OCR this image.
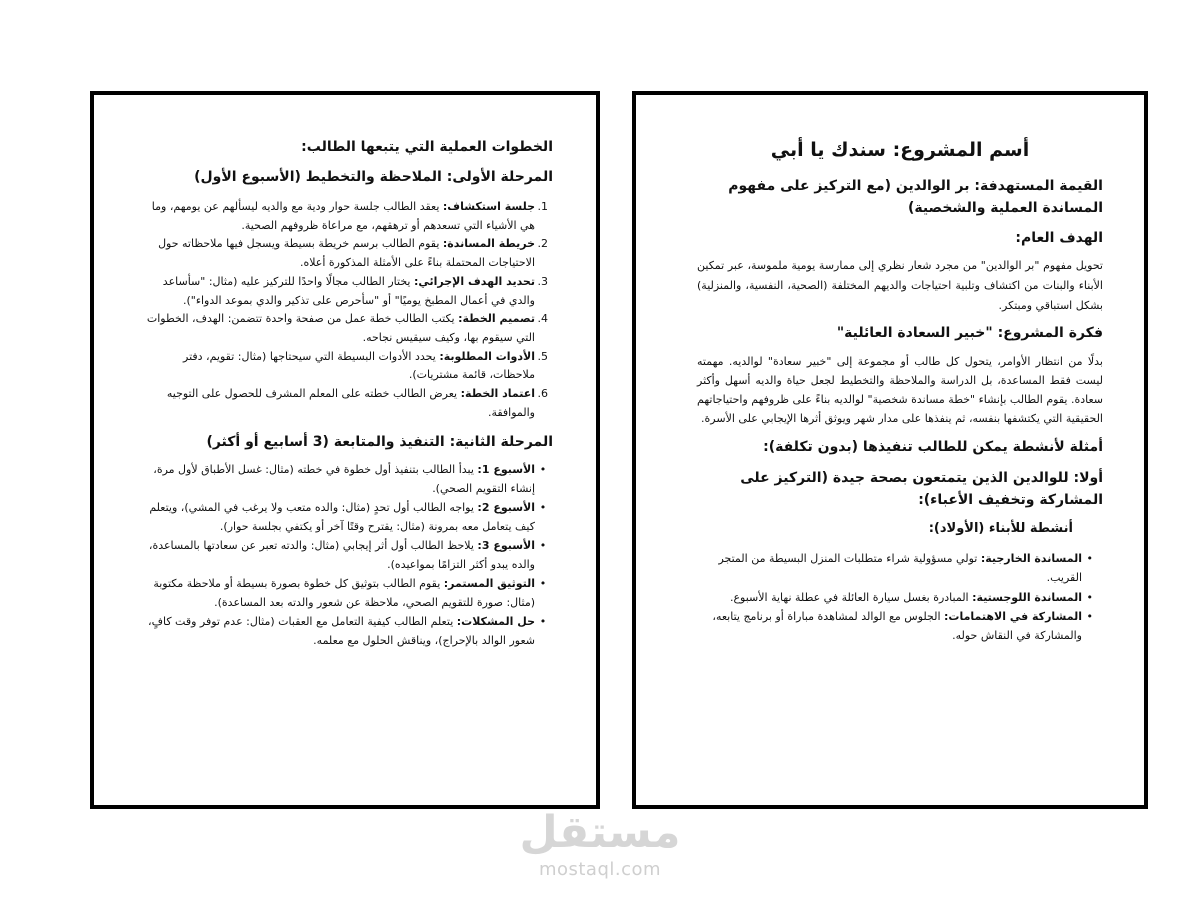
أسم المشروع: سندك يا أبي
القيمة المستهدفة: بر الوالدين (مع التركيز على مفهوم المساندة العملية والشخصية)
الهدف العام:

تحويل مفهوم "بر الوالدين" من مجرد شعار نظري إلى ممارسة يومية ملموسة، عبر تمكين الأبناء والبنات من اكتشاف وتلبية احتياجات والديهم المختلفة (الصحية، النفسية، والمنزلية) بشكل استباقي ومبتكر.

فكرة المشروع: "خبير السعادة العائلية"

بدلًا من انتظار الأوامر، يتحول كل طالب أو مجموعة إلى "خبير سعادة" لوالديه. مهمته ليست فقط المساعدة، بل الدراسة والملاحظة والتخطيط لجعل حياة والديه أسهل وأكثر سعادة. يقوم الطالب بإنشاء "خطة مساندة شخصية" لوالديه بناءً على ظروفهم واحتياجاتهم الحقيقية التي يكتشفها بنفسه، ثم ينفذها على مدار شهر ويوثق أثرها الإيجابي على الأسرة.

أمثلة لأنشطة يمكن للطالب تنفيذها (بدون تكلفة):
أولا: للوالدين الذين يتمتعون بصحة جيدة (التركيز على المشاركة وتخفيف الأعباء):
أنشطة للأبناء (الأولاد):
•
المساندة الخارجية: تولي مسؤولية شراء متطلبات المنزل البسيطة من المتجر القريب.
•
المساندة اللوجستية: المبادرة بغسل سيارة العائلة في عطلة نهاية الأسبوع.
•
المشاركة في الاهتمامات: الجلوس مع الوالد لمشاهدة مباراة أو برنامج يتابعه، والمشاركة في النقاش حوله.
الخطوات العملية التي يتبعها الطالب:
المرحلة الأولى: الملاحظة والتخطيط (الأسبوع الأول)
1.
جلسة استكشاف: يعقد الطالب جلسة حوار ودية مع والديه ليسألهم عن يومهم، وما هي الأشياء التي تسعدهم أو ترهقهم، مع مراعاة ظروفهم الصحية.
2.
خريطة المساندة: يقوم الطالب برسم خريطة بسيطة ويسجل فيها ملاحظاته حول الاحتياجات المحتملة بناءً على الأمثلة المذكورة أعلاه.
3.
تحديد الهدف الإجرائي: يختار الطالب مجالًا واحدًا للتركيز عليه (مثال: "سأساعد والدي في أعمال المطبخ يوميًا" أو "سأحرص على تذكير والدي بموعد الدواء").
4.
تصميم الخطة: يكتب الطالب خطة عمل من صفحة واحدة تتضمن: الهدف، الخطوات التي سيقوم بها، وكيف سيقيس نجاحه.
5.
الأدوات المطلوبة: يحدد الأدوات البسيطة التي سيحتاجها (مثال: تقويم، دفتر ملاحظات، قائمة مشتريات).
6.
اعتماد الخطة: يعرض الطالب خطته على المعلم المشرف للحصول على التوجيه والموافقة.
المرحلة الثانية: التنفيذ والمتابعة (3 أسابيع أو أكثر)
•
الأسبوع 1: يبدأ الطالب بتنفيذ أول خطوة في خطته (مثال: غسل الأطباق لأول مرة، إنشاء التقويم الصحي).
•
الأسبوع 2: يواجه الطالب أول تحدٍ (مثال: والده متعب ولا يرغب في المشي)، ويتعلم كيف يتعامل معه بمرونة (مثال: يقترح وقتًا آخر أو يكتفي بجلسة حوار).
•
الأسبوع 3: يلاحظ الطالب أول أثر إيجابي (مثال: والدته تعبر عن سعادتها بالمساعدة، والده يبدو أكثر التزامًا بمواعيده).
•
التوثيق المستمر: يقوم الطالب بتوثيق كل خطوة بصورة بسيطة أو ملاحظة مكتوبة (مثال: صورة للتقويم الصحي، ملاحظة عن شعور والدته بعد المساعدة).
•
حل المشكلات: يتعلم الطالب كيفية التعامل مع العقبات (مثال: عدم توفر وقت كافٍ، شعور الوالد بالإحراج)، ويناقش الحلول مع معلمه.
مستقل
mostaql.com
